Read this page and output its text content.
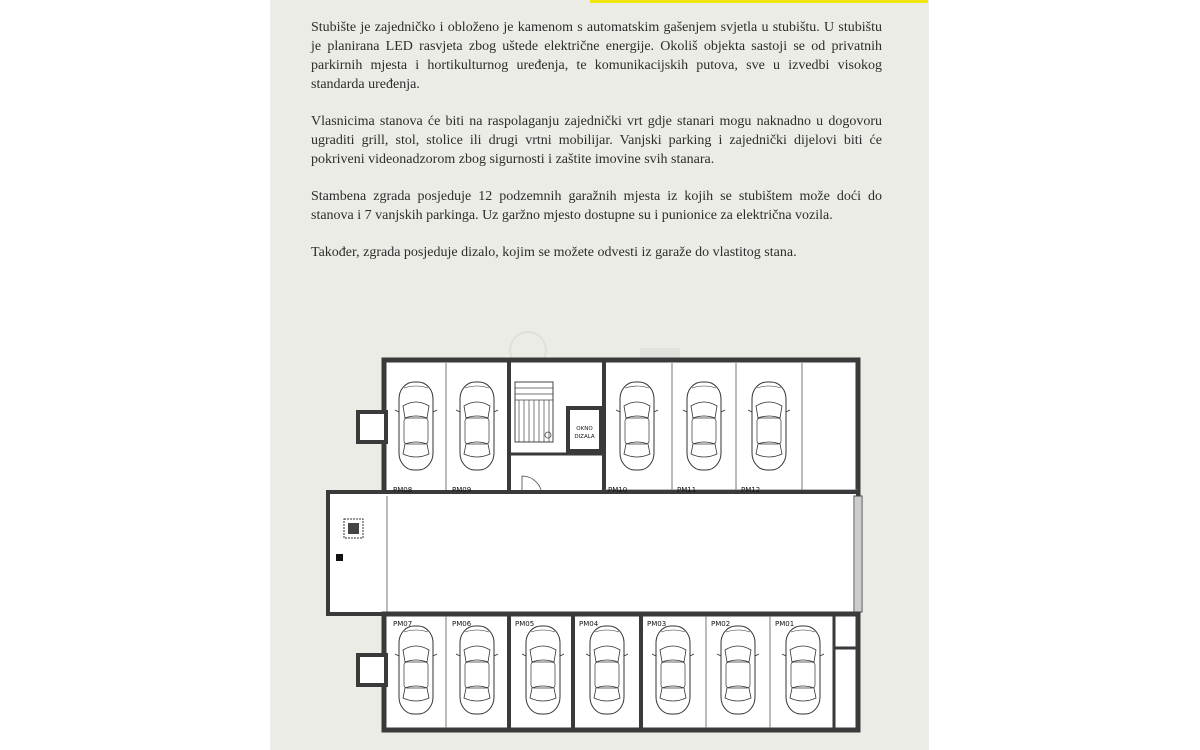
Stubište je zajedničko i obloženo je kamenom s automatskim gašenjem svjetla u stubištu. U stubištu je planirana LED rasvjeta zbog uštede električne energije. Okoliš objekta sastoji se od privatnih parkirnih mjesta i hortikulturnog uređenja, te komunikacijskih putova, sve u izvedbi visokog standarda uređenja.

Vlasnicima stanova će biti na raspolaganju zajednički vrt gdje stanari mogu naknadno u dogovoru ugraditi grill, stol, stolice ili drugi vrtni mobilijar. Vanjski parking i zajednički dijelovi biti će pokriveni videonadzorom zbog sigurnosti i zaštite imovine svih stanara.

Stambena zgrada posjeduje 12 podzemnih garažnih mjesta iz kojih se stubištem može doći do stanova i 7 vanjskih parkinga. Uz garžno mjesto dostupne su i punionice za električna vozila.

Također, zgrada posjeduje dizalo, kojim se možete odvesti iz garaže do vlastitog stana.

OKNO
DIZALA
PM08	PM09	PM10	PM11	PM12
PM07	PM06	PM05	PM04	PM03	PM02	PM01
